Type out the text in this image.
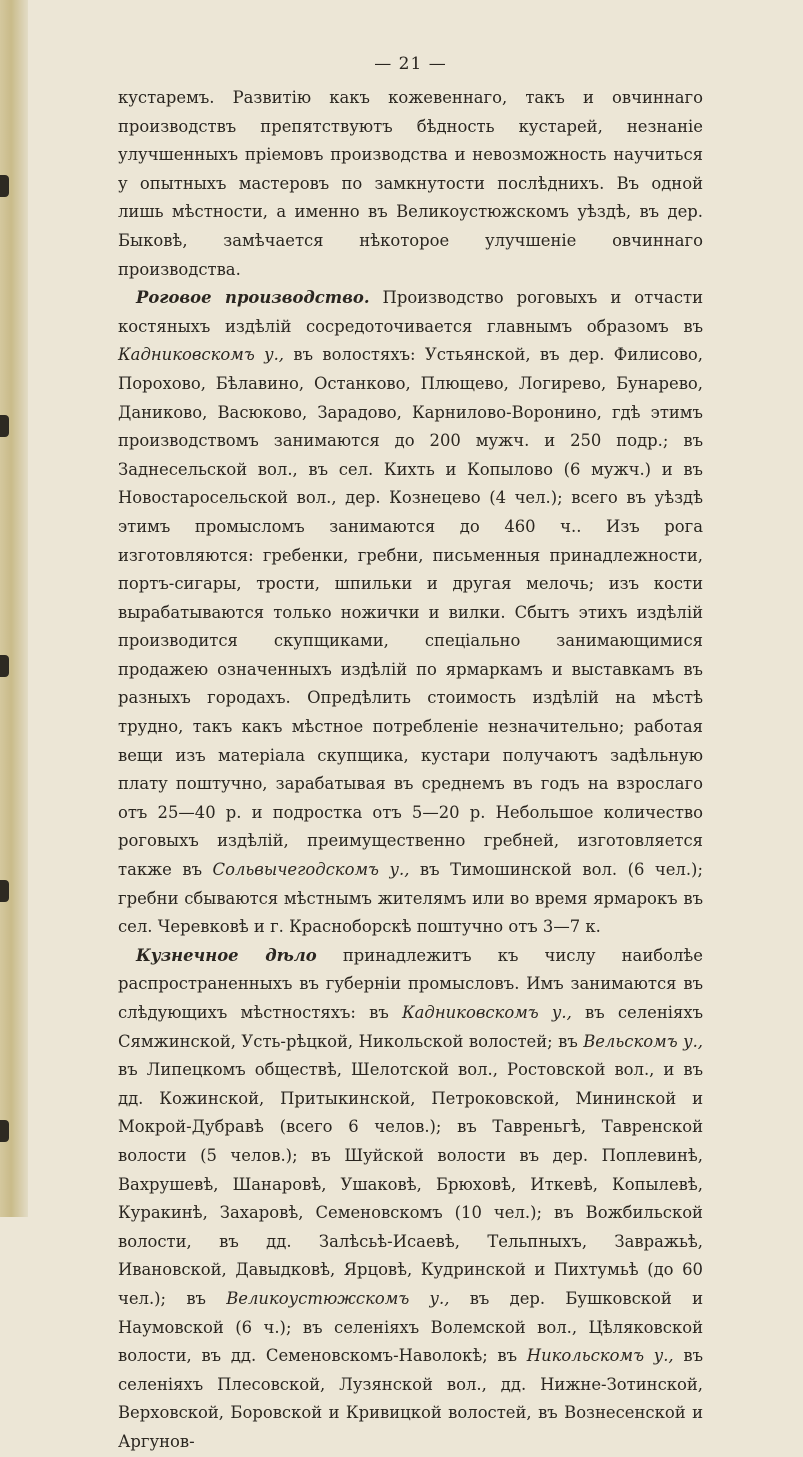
— 21 —

кустаремъ. Развитію какъ кожевеннаго, такъ и овчиннаго производствъ препятствуютъ бѣдность кустарей, незнаніе улучшенныхъ пріемовъ производства и невозможность научиться у опытныхъ мастеровъ по замкнутости послѣднихъ. Въ одной лишь мѣстности, а именно въ Великоустюжскомъ уѣздѣ, въ дер. Быковѣ, замѣчается нѣкоторое улучшеніе овчиннаго производства.

Роговое производство. Производство роговыхъ и отчасти костяныхъ издѣлій сосредоточивается главнымъ образомъ въ Кадниковскомъ у., въ волостяхъ: Устьянской, въ дер. Филисово, Порохово, Бѣлавино, Останково, Плющево, Логирево, Бунарево, Даниково, Васюково, Зарадово, Карнилово-Воронино, гдѣ этимъ производствомъ занимаются до 200 мужч. и 250 подр.; въ Заднесельской вол., въ сел. Кихть и Копылово (6 мужч.) и въ Новостаросельской вол., дер. Кознецево (4 чел.); всего въ уѣздѣ этимъ промысломъ занимаются до 460 ч.. Изъ рога изготовляются: гребенки, гребни, письменныя принадлежности, портъ-сигары, трости, шпильки и другая мелочь; изъ кости вырабатываются только ножички и вилки. Сбытъ этихъ издѣлій производится скупщиками, спеціально занимающимися продажею означенныхъ издѣлій по ярмаркамъ и выставкамъ въ разныхъ городахъ. Опредѣлить стоимость издѣлій на мѣстѣ трудно, такъ какъ мѣстное потребленіе незначительно; работая вещи изъ матеріала скупщика, кустари получаютъ задѣльную плату поштучно, зарабатывая въ среднемъ въ годъ на взрослаго отъ 25—40 р. и подростка отъ 5—20 р. Небольшое количество роговыхъ издѣлій, преимущественно гребней, изготовляется также въ Сольвычегодскомъ у., въ Тимошинской вол. (6 чел.); гребни сбываются мѣстнымъ жителямъ или во время ярмарокъ въ сел. Черевковѣ и г. Красноборскѣ поштучно отъ 3—7 к.

Кузнечное дѣло принадлежитъ къ числу наиболѣе распространенныхъ въ губерніи промысловъ. Имъ занимаются въ слѣдующихъ мѣстностяхъ: въ Кадниковскомъ у., въ селеніяхъ Сямжинской, Усть-рѣцкой, Никольской волостей; въ Вельскомъ у., въ Липецкомъ обществѣ, Шелотской вол., Ростовской вол., и въ дд. Кожинской, Притыкинской, Петроковской, Мининской и Мокрой-Дубравѣ (всего 6 челов.); въ Тавреньгѣ, Тавренской волости (5 челов.); въ Шуйской волости въ дер. Поплевинѣ, Вахрушевѣ, Шанаровѣ, Ушаковѣ, Брюховѣ, Иткевѣ, Копылевѣ, Куракинѣ, Захаровѣ, Семеновскомъ (10 чел.); въ Вожбильской волости, въ дд. Залѣсьѣ-Исаевѣ, Тельпныхъ, Завражьѣ, Ивановской, Давыдковѣ, Ярцовѣ, Кудринской и Пихтумьѣ (до 60 чел.); въ Великоустюжскомъ у., въ дер. Бушковской и Наумовской (6 ч.); въ селеніяхъ Волемской вол., Цѣляковской волости, въ дд. Семеновскомъ-Наволокѣ; въ Никольскомъ у., въ селеніяхъ Плесовской, Лузянской вол., дд. Нижне-Зотинской, Верховской, Боровской и Кривицкой волостей, въ Вознесенской и Аргунов-
